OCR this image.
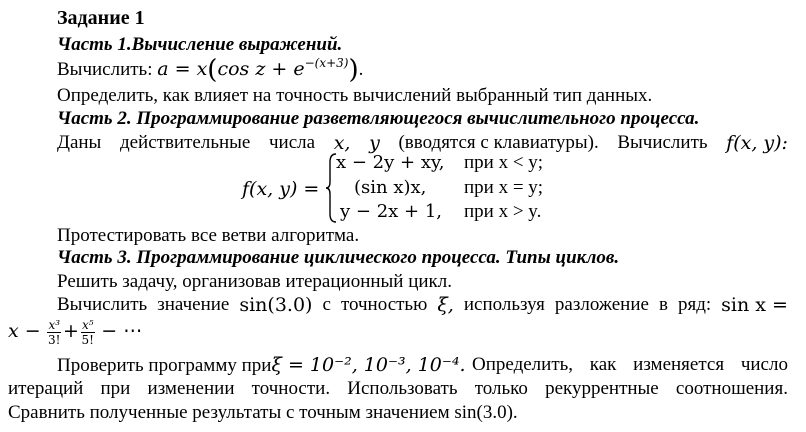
Задание 1
Часть 1.Вычисление выражений.
Вычислить: a = x(cos $z + e^{-(x+3)}$).
Определить, как влияет на точность вычислений выбранный тип данных.
Часть 2. Программирование разветвляющегося вычислительного процесса.
Даны действительные числа x, y (вводятся с клавиатуры). Вычислить f(x, y):
f(x, y) =
x − 2y + xy, при x < y;
(sin x)x, при x = y;
y − 2x + 1, при x > y.
Протестировать все ветви алгоритма.
Часть 3. Программирование циклического процесса. Типы циклов.
Решить задачу, организовав итерационный цикл.
Вычислить значение sin(3.0) с точностью ξ, используя разложение в ряд: sin x =
$x - \frac{\text{x³}}{3!} + \frac{\text{x⁵}}{5!}$ − ⋯
Проверить программу приξ = 10⁻², 10⁻³, 10⁻⁴. Определить, как изменяется число
итераций при изменении точности. Использовать только рекуррентные соотношения.
Сравнить полученные результаты с точным значением sin(3.0).
